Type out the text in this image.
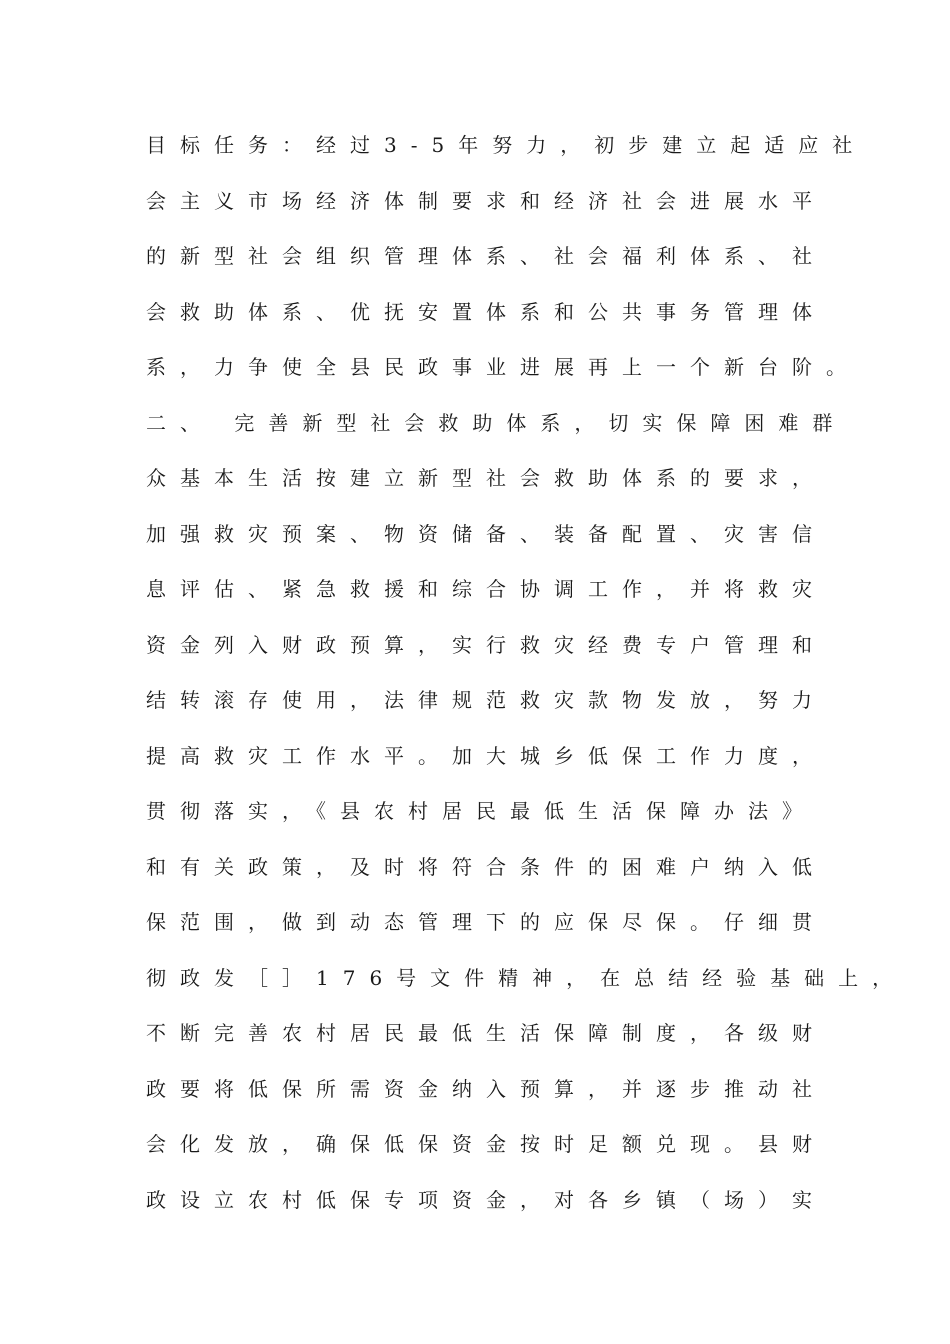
目标任务：经过3-5年努力，初步建立起适应社
会主义市场经济体制要求和经济社会进展水平
的新型社会组织管理体系、社会福利体系、社
会救助体系、优抚安置体系和公共事务管理体
系，力争使全县民政事业进展再上一个新台阶。
二、 完善新型社会救助体系，切实保障困难群
众基本生活按建立新型社会救助体系的要求，
加强救灾预案、物资储备、装备配置、灾害信
息评估、紧急救援和综合协调工作，并将救灾
资金列入财政预算，实行救灾经费专户管理和
结转滚存使用，法律规范救灾款物发放，努力
提高救灾工作水平。加大城乡低保工作力度，
贯彻落实，《县农村居民最低生活保障办法》
和有关政策，及时将符合条件的困难户纳入低
保范围，做到动态管理下的应保尽保。仔细贯
彻政发［］176号文件精神，在总结经验基础上，
不断完善农村居民最低生活保障制度，各级财
政要将低保所需资金纳入预算，并逐步推动社
会化发放，确保低保资金按时足额兑现。县财
政设立农村低保专项资金，对各乡镇（场）实
